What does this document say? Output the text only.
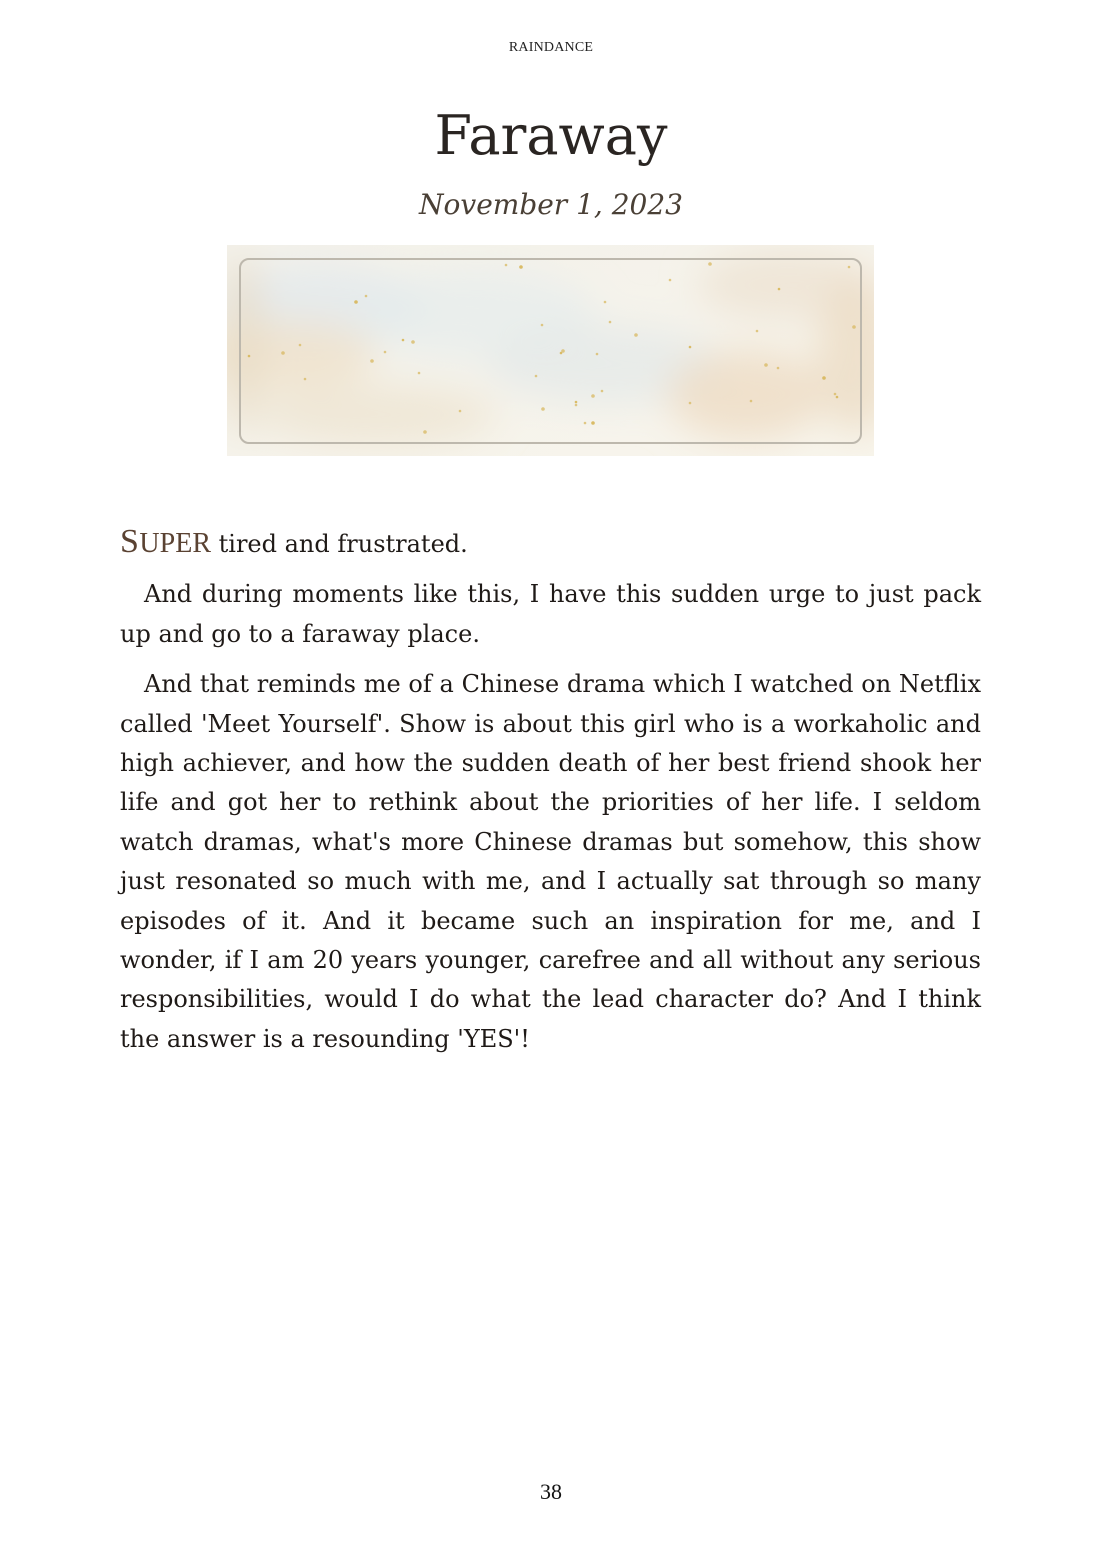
RAINDANCE
Faraway
November 1, 2023

SUPER tired and frustrated.

And during moments like this, I have this sudden urge to just pack up and go to a faraway place.

And that reminds me of a Chinese drama which I watched on Netflix called 'Meet Yourself'. Show is about this girl who is a workaholic and high achiever, and how the sudden death of her best friend shook her life and got her to rethink about the priorities of her life. I seldom watch dramas, what's more Chinese dramas but somehow, this show just resonated so much with me, and I actually sat through so many episodes of it. And it became such an inspiration for me, and I wonder, if I am 20 years younger, carefree and all without any serious responsibilities, would I do what the lead character do? And I think the answer is a resounding 'YES'!

38
